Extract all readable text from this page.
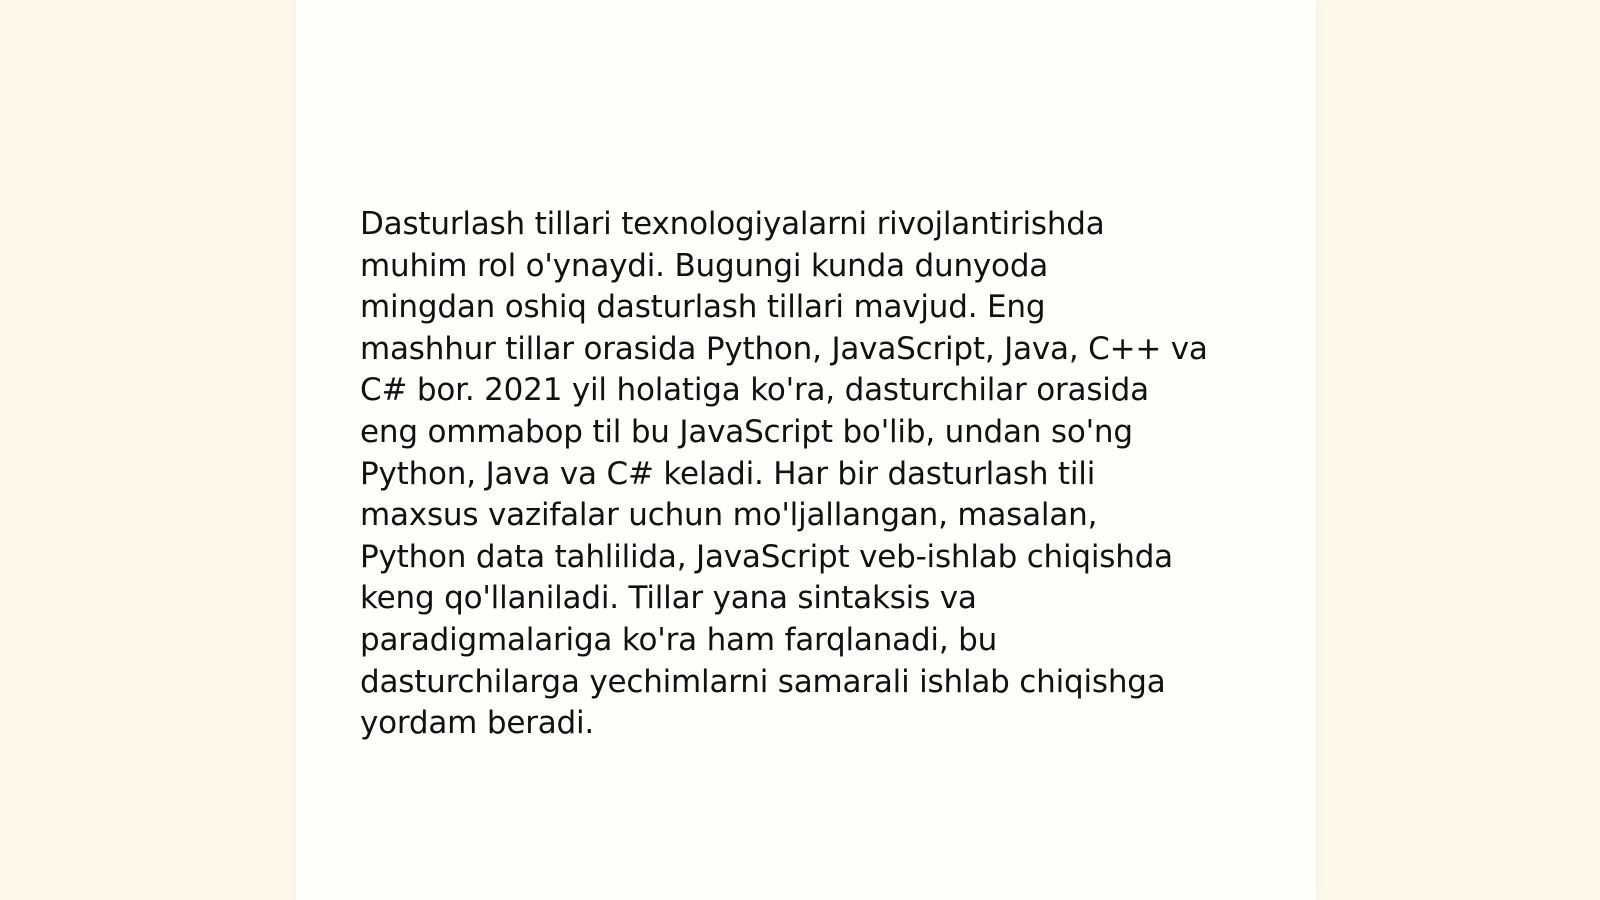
Dasturlash tillari texnologiyalarni rivojlantirishda
muhim rol o'ynaydi. Bugungi kunda dunyoda
mingdan oshiq dasturlash tillari mavjud. Eng
mashhur tillar orasida Python, JavaScript, Java, C++ va
C# bor. 2021 yil holatiga ko'ra, dasturchilar orasida
eng ommabop til bu JavaScript bo'lib, undan so'ng
Python, Java va C# keladi. Har bir dasturlash tili
maxsus vazifalar uchun mo'ljallangan, masalan,
Python data tahlilida, JavaScript veb-ishlab chiqishda
keng qo'llaniladi. Tillar yana sintaksis va
paradigmalariga ko'ra ham farqlanadi, bu
dasturchilarga yechimlarni samarali ishlab chiqishga
yordam beradi.
